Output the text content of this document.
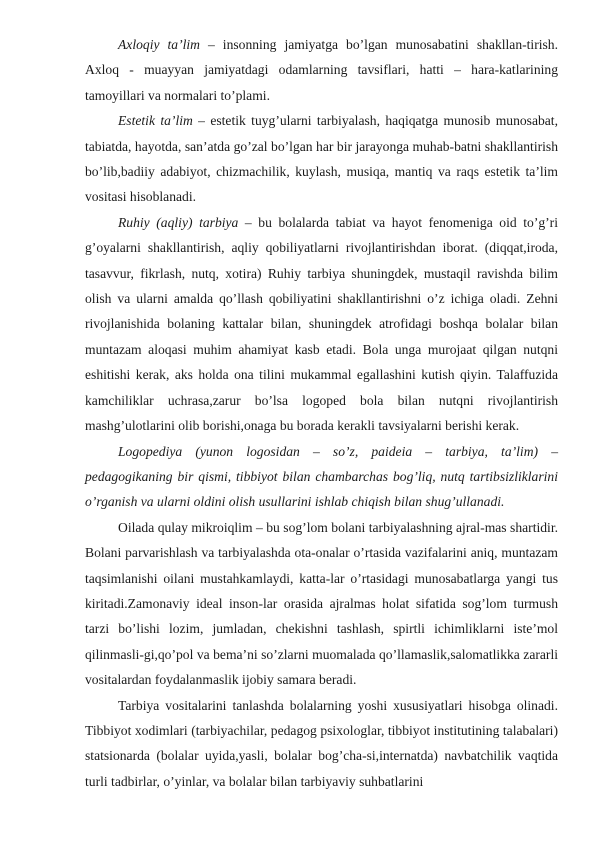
Axloqiy ta’lim – insonning jamiyatga bo’lgan munosabatini shakllan-tirish. Axloq - muayyan jamiyatdagi odamlarning tavsiflari, hatti – hara-katlarining tamoyillari va normalari to’plami.

Estetik ta’lim – estetik tuyg’ularni tarbiyalash, haqiqatga munosib munosabat, tabiatda, hayotda, san’atda go’zal bo’lgan har bir jarayonga muhab-batni shakllantirish bo’lib,badiiy adabiyot, chizmachilik, kuylash, musiqa, mantiq va raqs estetik ta’lim vositasi hisoblanadi.

Ruhiy (aqliy) tarbiya – bu bolalarda tabiat va hayot fenomeniga oid to’g’ri g’oyalarni shakllantirish, aqliy qobiliyatlarni rivojlantirishdan iborat. (diqqat,iroda, tasavvur, fikrlash, nutq, xotira) Ruhiy tarbiya shuningdek, mustaqil ravishda bilim olish va ularni amalda qo’llash qobiliyatini shakllantirishni o’z ichiga oladi. Zehni rivojlanishida bolaning kattalar bilan, shuningdek atrofidagi boshqa bolalar bilan muntazam aloqasi muhim ahamiyat kasb etadi. Bola unga murojaat qilgan nutqni eshitishi kerak, aks holda ona tilini mukammal egallashini kutish qiyin. Talaffuzida kamchiliklar uchrasa,zarur bo’lsa logoped bola bilan nutqni rivojlantirish mashg’ulotlarini olib borishi,onaga bu borada kerakli tavsiyalarni berishi kerak.

Logopediya (yunon logosidan – so’z, paideia – tarbiya, ta’lim) – pedagogikaning bir qismi, tibbiyot bilan chambarchas bog’liq, nutq tartibsizliklarini o’rganish va ularni oldini olish usullarini ishlab chiqish bilan shug’ullanadi.

Oilada qulay mikroiqlim – bu sog’lom bolani tarbiyalashning ajral-mas shartidir. Bolani parvarishlash va tarbiyalashda ota-onalar o’rtasida vazifalarini aniq, muntazam taqsimlanishi oilani mustahkamlaydi, katta-lar o’rtasidagi munosabatlarga yangi tus kiritadi.Zamonaviy ideal inson-lar orasida ajralmas holat sifatida sog’lom turmush tarzi bo’lishi lozim, jumladan, chekishni tashlash, spirtli ichimliklarni iste’mol qilinmasli-gi,qo’pol va bema’ni so’zlarni muomalada qo’llamaslik,salomatlikka zararli vositalardan foydalanmaslik ijobiy samara beradi.

Tarbiya vositalarini tanlashda bolalarning yoshi xususiyatlari hisobga olinadi. Tibbiyot xodimlari (tarbiyachilar, pedagog psixologlar, tibbiyot institutining talabalari) statsionarda (bolalar uyida,yasli, bolalar bog’cha-si,internatda) navbatchilik vaqtida turli tadbirlar, o’yinlar, va bolalar bilan tarbiyaviy suhbatlarini
